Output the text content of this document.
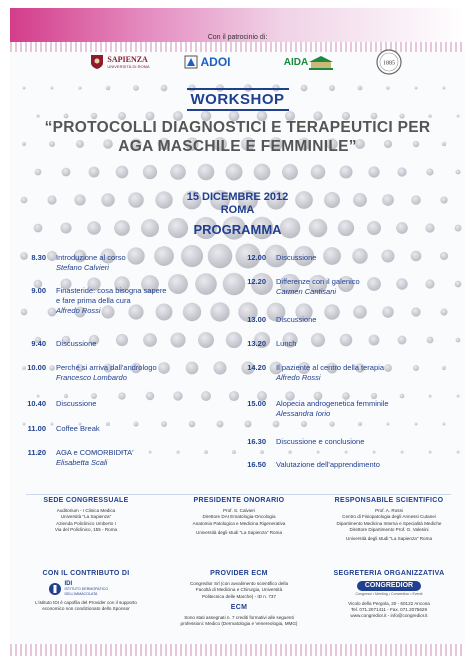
Con il patrocinio di:
SAPIENZA
UNIVERSITÀ DI ROMA	ADOI	AIDA	1885
WORKSHOP
“PROTOCOLLI DIAGNOSTICI E TERAPEUTICI PER AGA MASCHILE E FEMMINILE”
15 DICEMBRE 2012
ROMA
PROGRAMMA
8.30	Introduzione al corso
Stefano Calvieri
9.00	Finasteride: cosa bisogna sapere
e fare prima della cura
Alfredo Rossi
9.40	Discussione
10.00	Perché si arriva dall'andrologo
Francesco Lombardo
10.40	Discussione
11.00	Coffee Break
11.20	AGA e COMORBIDITA'
Elisabetta Scali
12.00	Discussione
12.20	Differenze con il galenico
Carmen Cantisani
13.00	Discussione
13.20	Lunch
14.20	Il paziente al centro della terapia
Alfredo Rossi
15.00	Alopecia androgenetica femminile
Alessandra Iorio
16.30	Discussione e conclusione
16.50	Valutazione dell'apprendimento
SEDE CONGRESSUALE
Auditorium - I Clinica Medica
Università "La Sapienza"
Azienda Policlinico Umberto I
Via del Policlinico, 155 - Roma
PRESIDENTE ONORARIO
Prof. S. Calvieri
Direttore DAI Ematologia-Oncologia
Anatomia Patologica e Medicina Rigenerativa
Università degli studi "La Sapienza" Roma
RESPONSABILE SCIENTIFICO
Prof. A. Rossi
Centro di Fisiopatologia degli Annessi Cutanei
Dipartimento Medicina Interna e Specialità Mediche
Direttore Dipartimento Prof. G. Valesini
Università degli studi "La Sapienza" Roma
CON IL CONTRIBUTO DI
IDI
ISTITUTO DERMOPATICO DELL'IMMACOLATA
L'istituto IDI è capofila del Provider con il supporto
economico non condizionato dello Sponsor
PROVIDER ECM
Congredior Srl (con avvalimento scientifico della
Facoltà di Medicina e Chirurgia, Università
Politecnica delle Marche) - ID n. 737
ECM
Sono stati assegnati n. 7 crediti formativi alle seguenti
professioni: Medico (Dermatologia e Venereologia, MMG)
SEGRETERIA ORGANIZZATIVA
CONGREDIOR
Congressi • Meeting • Convention • Eventi
Vicolo della Pergola, 20 - 60122 Ancona
Tel. 071.2071411 - Fax. 071.2075629
www.congredior.it - info@congredior.it
